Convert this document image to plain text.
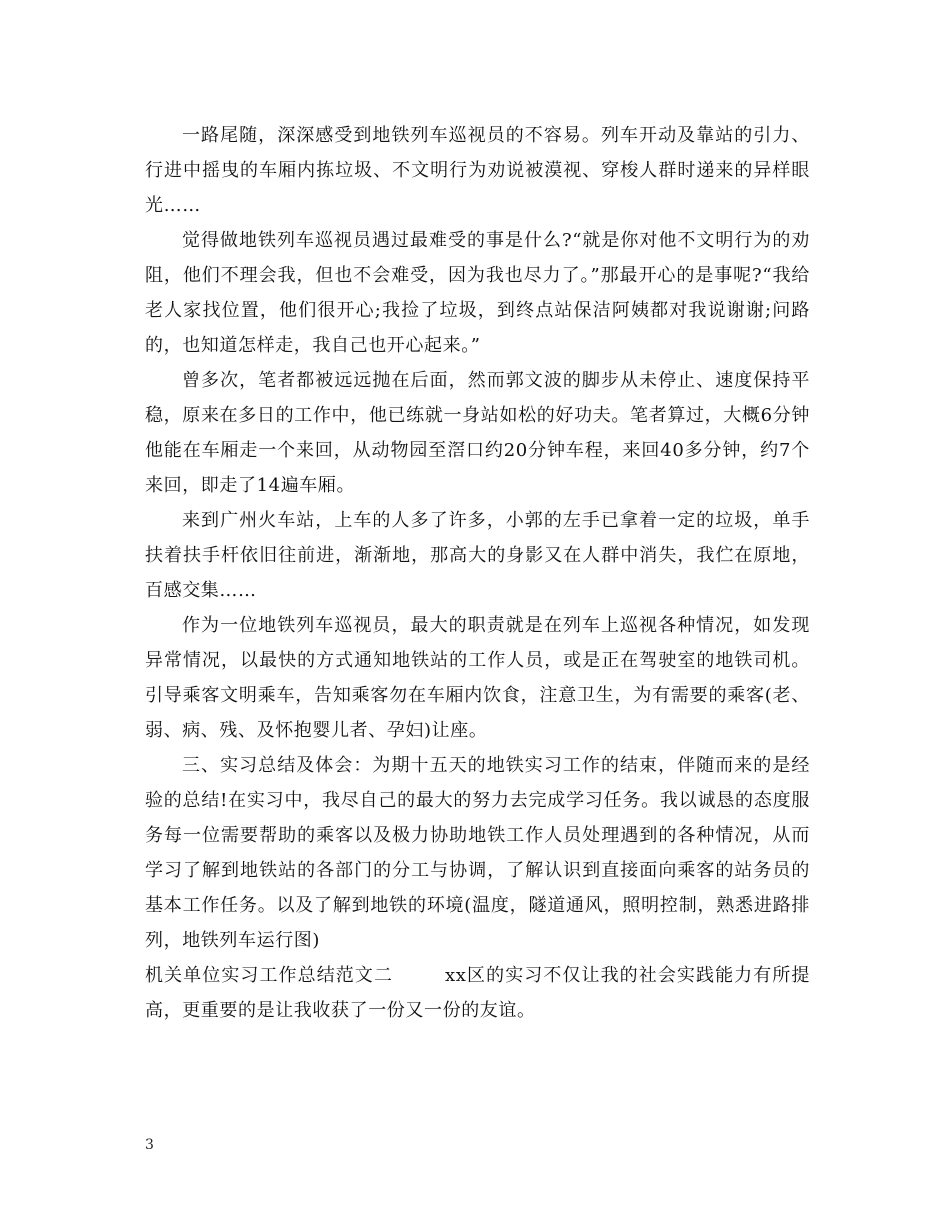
一路尾随，深深感受到地铁列车巡视员的不容易。列车开动及靠站的引力、行进中摇曳的车厢内拣垃圾、不文明行为劝说被漠视、穿梭人群时递来的异样眼光……

觉得做地铁列车巡视员遇过最难受的事是什么?“就是你对他不文明行为的劝阻，他们不理会我，但也不会难受，因为我也尽力了。”那最开心的是事呢?“我给老人家找位置，他们很开心;我捡了垃圾，到终点站保洁阿姨都对我说谢谢;问路的，也知道怎样走，我自己也开心起来。”

曾多次，笔者都被远远抛在后面，然而郭文波的脚步从未停止、速度保持平稳，原来在多日的工作中，他已练就一身站如松的好功夫。笔者算过，大概6分钟他能在车厢走一个来回，从动物园至滘口约20分钟车程，来回40多分钟，约7个来回，即走了14遍车厢。

来到广州火车站，上车的人多了许多，小郭的左手已拿着一定的垃圾，单手扶着扶手杆依旧往前进，渐渐地，那高大的身影又在人群中消失，我伫在原地，百感交集……

作为一位地铁列车巡视员，最大的职责就是在列车上巡视各种情况，如发现异常情况，以最快的方式通知地铁站的工作人员，或是正在驾驶室的地铁司机。引导乘客文明乘车，告知乘客勿在车厢内饮食，注意卫生，为有需要的乘客(老、弱、病、残、及怀抱婴儿者、孕妇)让座。

三、实习总结及体会：为期十五天的地铁实习工作的结束，伴随而来的是经验的总结!在实习中，我尽自己的最大的努力去完成学习任务。我以诚恳的态度服务每一位需要帮助的乘客以及极力协助地铁工作人员处理遇到的各种情况，从而学习了解到地铁站的各部门的分工与协调，了解认识到直接面向乘客的站务员的基本工作任务。以及了解到地铁的环境(温度，隧道通风，照明控制，熟悉进路排列，地铁列车运行图)

机关单位实习工作总结范文二	xx区的实习不仅让我的社会实践能力有所提高，更重要的是让我收获了一份又一份的友谊。

3
